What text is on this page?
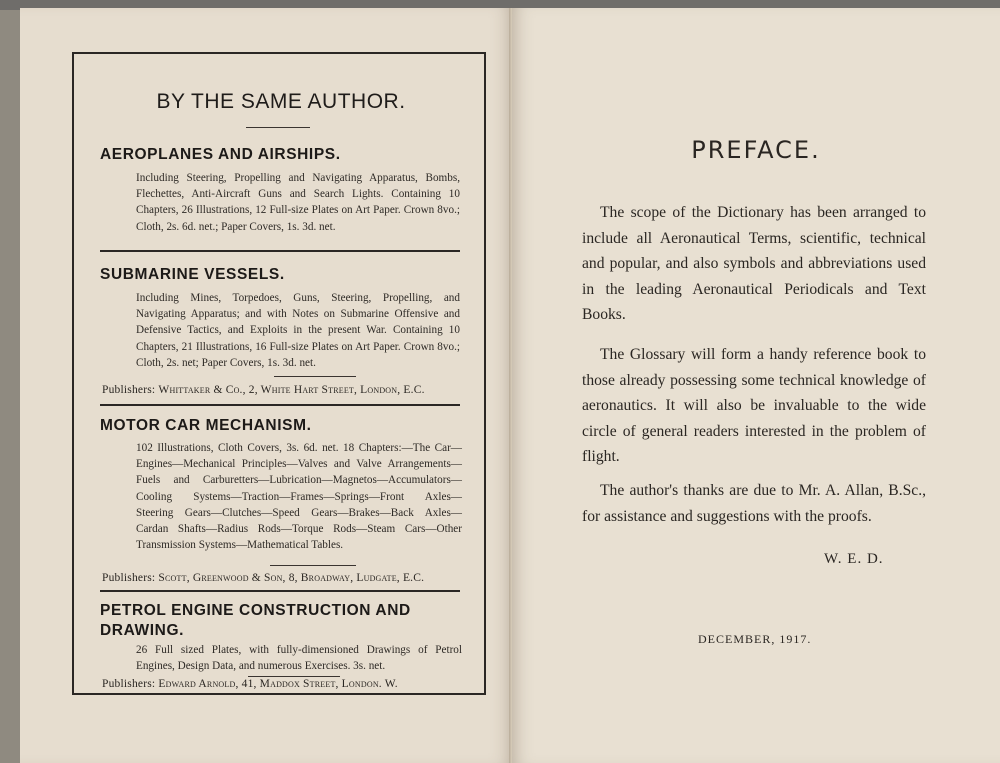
BY THE SAME AUTHOR.
AEROPLANES AND AIRSHIPS.
Including Steering, Propelling and Navigating Apparatus, Bombs, Flechettes, Anti-Aircraft Guns and Search Lights. Containing 10 Chapters, 26 Illustrations, 12 Full-size Plates on Art Paper. Crown 8vo.; Cloth, 2s. 6d. net.; Paper Covers, 1s. 3d. net.
SUBMARINE VESSELS.
Including Mines, Torpedoes, Guns, Steering, Propelling, and Navigating Apparatus; and with Notes on Submarine Offensive and Defensive Tactics, and Exploits in the present War. Containing 10 Chapters, 21 Illustrations, 16 Full-size Plates on Art Paper. Crown 8vo.; Cloth, 2s. net; Paper Covers, 1s. 3d. net.
Publishers: Whittaker & Co., 2, White Hart Street, London, E.C.
MOTOR CAR MECHANISM.
102 Illustrations, Cloth Covers, 3s. 6d. net. 18 Chapters:—The Car—Engines—Mechanical Principles—Valves and Valve Arrangements—Fuels and Carburetters—Lubrication—Magnetos—Accumulators—Cooling Systems—Traction—Frames—Springs—Front Axles—Steering Gears—Clutches—Speed Gears—Brakes—Back Axles—Cardan Shafts—Radius Rods—Torque Rods—Steam Cars—Other Transmission Systems—Mathematical Tables.
Publishers: Scott, Greenwood & Son, 8, Broadway, Ludgate, E.C.
PETROL ENGINE CONSTRUCTION AND DRAWING.
26 Full sized Plates, with fully-dimensioned Drawings of Petrol Engines, Design Data, and numerous Exercises. 3s. net.
Publishers: Edward Arnold, 41, Maddox Street, London. W.
PREFACE.

The scope of the Dictionary has been arranged to include all Aeronautical Terms, scientific, technical and popular, and also symbols and abbreviations used in the leading Aeronautical Periodicals and Text Books.

The Glossary will form a handy reference book to those already possessing some technical knowledge of aeronautics. It will also be invaluable to the wide circle of general readers interested in the problem of flight.

The author's thanks are due to Mr. A. Allan, B.Sc., for assistance and suggestions with the proofs.

W. E. D.
DECEMBER, 1917.
